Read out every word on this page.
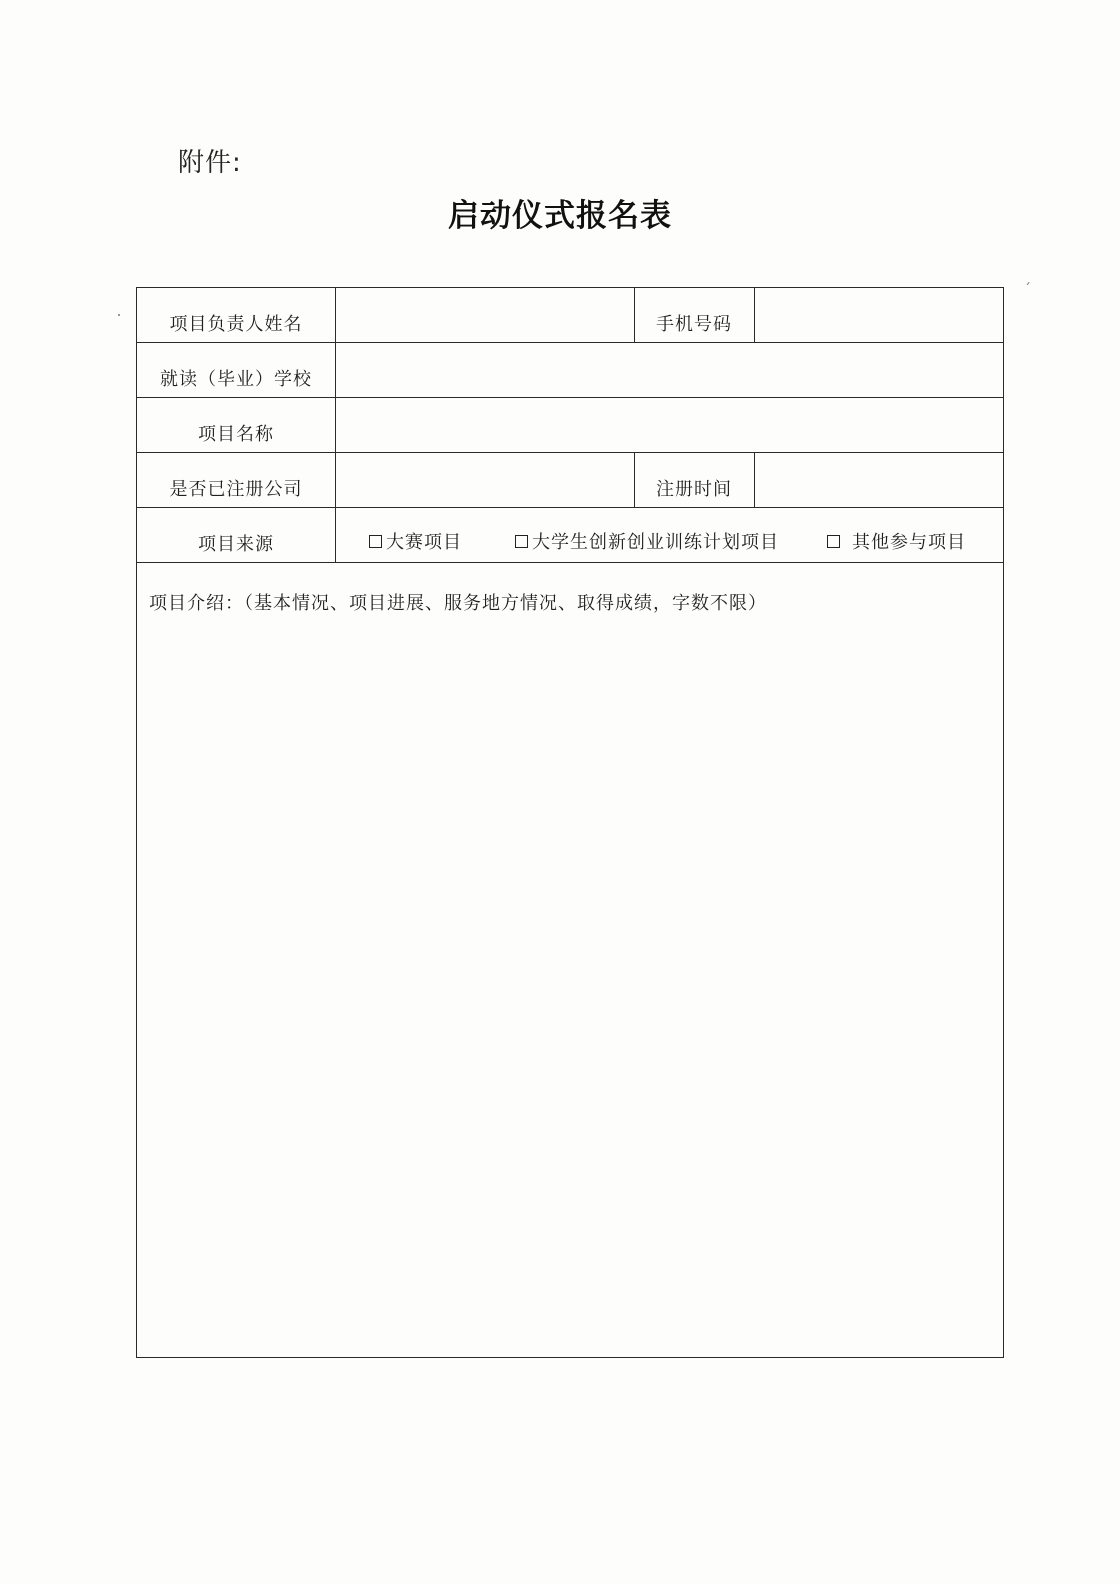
附件:
启动仪式报名表
´
项目负责人姓名	手机号码
就读（毕业）学校
项目名称
是否已注册公司	注册时间
项目来源	大赛项目	大学生创新创业训练计划项目	其他参与项目
项目介绍：（基本情况、项目进展、服务地方情况、取得成绩，字数不限）
